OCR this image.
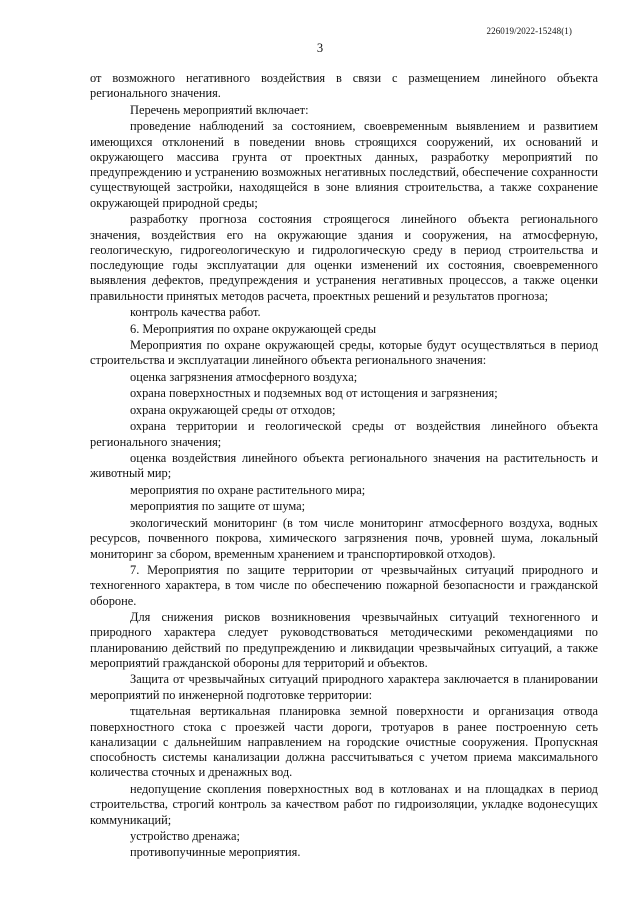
226019/2022-15248(1)
3

от возможного негативного воздействия в связи с размещением линейного объекта регионального значения.

Перечень мероприятий включает:

проведение наблюдений за состоянием, своевременным выявлением и развитием имеющихся отклонений в поведении вновь строящихся сооружений, их оснований и окружающего массива грунта от проектных данных, разработку мероприятий по предупреждению и устранению возможных негативных последствий, обеспечение сохранности существующей застройки, находящейся в зоне влияния строительства, а также сохранение окружающей природной среды;

разработку прогноза состояния строящегося линейного объекта регионального значения, воздействия его на окружающие здания и сооружения, на атмосферную, геологическую, гидрогеологическую и гидрологическую среду в период строительства и последующие годы эксплуатации для оценки изменений их состояния, своевременного выявления дефектов, предупреждения и устранения негативных процессов, а также оценки правильности принятых методов расчета, проектных решений и результатов прогноза;

контроль качества работ.

6. Мероприятия по охране окружающей среды

Мероприятия по охране окружающей среды, которые будут осуществляться в период строительства и эксплуатации линейного объекта регионального значения:

оценка загрязнения атмосферного воздуха;

охрана поверхностных и подземных вод от истощения и загрязнения;

охрана окружающей среды от отходов;

охрана территории и геологической среды от воздействия линейного объекта регионального значения;

оценка воздействия линейного объекта регионального значения на растительность и животный мир;

мероприятия по охране растительного мира;

мероприятия по защите от шума;

экологический мониторинг (в том числе мониторинг атмосферного воздуха, водных ресурсов, почвенного покрова, химического загрязнения почв, уровней шума, локальный мониторинг за сбором, временным хранением и транспортировкой отходов).

7. Мероприятия по защите территории от чрезвычайных ситуаций природного и техногенного характера, в том числе по обеспечению пожарной безопасности и гражданской обороне.

Для снижения рисков возникновения чрезвычайных ситуаций техногенного и природного характера следует руководствоваться методическими рекомендациями по планированию действий по предупреждению и ликвидации чрезвычайных ситуаций, а также мероприятий гражданской обороны для территорий и объектов.

Защита от чрезвычайных ситуаций природного характера заключается в планировании мероприятий по инженерной подготовке территории:

тщательная вертикальная планировка земной поверхности и организация отвода поверхностного стока с проезжей части дороги, тротуаров в ранее построенную сеть канализации с дальнейшим направлением на городские очистные сооружения. Пропускная способность системы канализации должна рассчитываться с учетом приема максимального количества сточных и дренажных вод.

недопущение скопления поверхностных вод в котлованах и на площадках в период строительства, строгий контроль за качеством работ по гидроизоляции, укладке водонесущих коммуникаций;

устройство дренажа;

противопучинные мероприятия.
